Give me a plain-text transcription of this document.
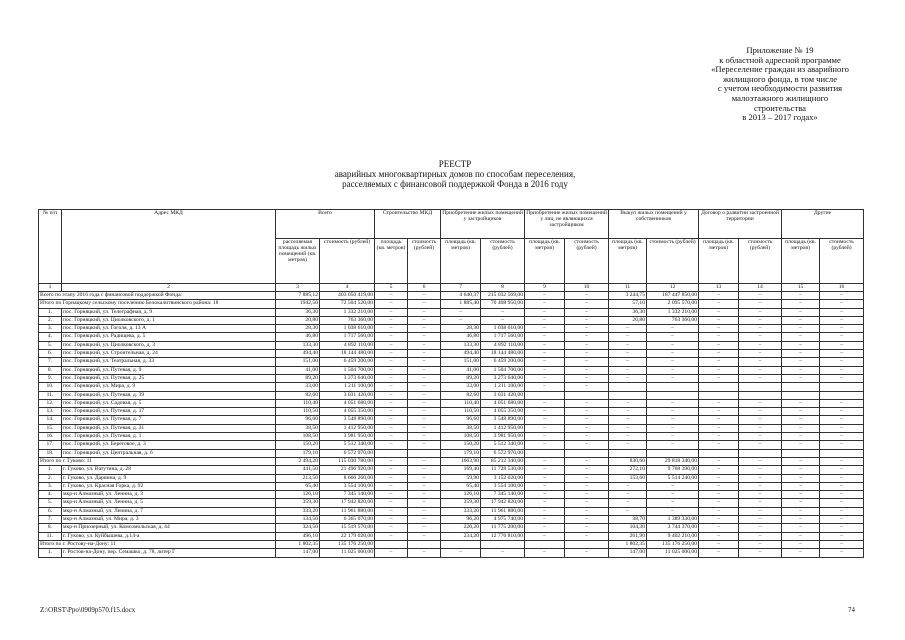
Приложение № 19
к областной адресной программе
«Переселение граждан из аварийного
жилищного фонда, в том числе
с учетом необходимости развития
малоэтажного жилищного
строительства
в 2013 – 2017 годах»
РЕЕСТР
аварийных многоквартирных домов по способам переселения,
расселяемых с финансовой поддержкой Фонда в 2016 году
№ п/п	Адрес МКД	Всего		Строительство МКД		Приобретение жилых помещений у застройщиков		Приобретение жилых помещений у лиц, не являющихся застройщиком		Выкуп жилых помещений у собственников		Договор о развитии застроенной территории		Другие	
		расселяемая площадь жилых помещений (кв. метров)	стоимость (рублей)	площадь (кв. метров)	стоимость (рублей)	площадь (кв. метров)	стоимость (рублей)	площадь (кв. метров)	стоимость (рублей)	площадь (кв. метров)	стоимость (рублей)	площадь (кв. метров)	стоимость (рублей)	площадь (кв. метров)	стоимость (рублей)
1	2	3	4	5	6	7	8	9	10	11	12	13	14	15	16
Всего по этапу 2016 года с финансовой поддержкой Фонда:		7 885,12	403 050 419,00	–	–	4 640,37	215 032 569,00	–	–	3 244,75	187 447 850,00	–	–	–	–
Итого по Горнацкому сельскому поселению Белокалитвинского района: 18		1942,50	72 504 520,00	–	–	1 885,40	70 408 950,00	–	–	57,10	2 095 570,00	–	–	–	–
1.	пос. Горняцкий, ул. Телеграфная, д. 9	36,30	1 332 210,00	–	–	–	–	–	–	36,30	1 332 210,00	–	–	–	–
2.	пос. Горняцкий, ул. Циолковского, д. 1	20,80	763 360,00	–	–	–	–	–	–	20,80	763 360,00	–	–	–	–
3.	пос. Горняцкий, ул. Гоголя, д. 13 А	28,30	1 038 610,00	–	–	28,30	1 038 610,00	–	–	–	–	–	–	–	–
4.	пос. Горняцкий, ул. Радищева, д. 5	46,80	1 717 560,00	–	–	46,80	1 717 560,00	–	–	–	–	–	–	–	–
5.	пос. Горняцкий, ул. Циолковского, д. 3	133,30	4 892 110,00	–	–	133,30	4 892 110,00	–	–	–	–	–	–	–	–
6.	пос. Горняцкий, ул. Строительная, д. 24	494,40	18 144 480,00	–	–	494,40	18 144 480,00	–	–	–	–	–	–	–	–
7.	пос. Горняцкий, ул. Театральная, д. 33	151,00	6 459 200,00	–	–	151,00	6 459 200,00	–	–	–	–	–	–	–	–
8.	пос. Горняцкий, ул. Путевая, д. 9	41,00	1 504 700,00	–	–	41,00	1 504 700,00	–	–	–	–	–	–	–	–
9.	пос. Горняцкий, ул. Путевая, д. 25	89,20	3 273 640,00	–	–	89,20	3 273 640,00	–	–	–	–	–	–	–	–
10.	пос. Горняцкий, ул. Мира, д. 9	33,00	1 211 100,00	–	–	33,00	1 211 100,00	–	–						
11.	пос. Горняцкий, ул. Путевая, д. 39	82,60	3 031 420,00	–	–	82,60	3 031 420,00								
12.	пос. Горняцкий, ул. Садовая, д. 5	110,40	4 051 680,00	–	–	110,40	4 051 680,00	–	–	–	–	–	–	–	–
13.	пос. Горняцкий, ул. Путевая, д. 17	110,50	4 055 350,00	–	–	110,50	4 055 350,00	–	–	–	–	–	–	–	–
14.	пос. Горняцкий, ул. Путевая, д. 7	96,60	3 548 890,00	–	–	96,60	3 548 890,00	–	–	–	–	–	–	–	–
15.	пос. Горняцкий, ул. Путевая, д. 31	38,50	1 412 950,00	–	–	38,50	1 412 950,00	–	–	–	–	–	–	–	–
16.	пос. Горняцкий, ул. Путевая, д. 1	108,50	3 981 950,00	–	–	108,50	3 981 950,00	–	–	–	–	–	–	–	–
17.	пос. Горняцкий, ул. Береговое, д. 3	150,20	5 512 340,00	–	–	150,20	5 512 340,00	–	–	–	–	–	–	–	–
18.	пос. Горняцкий, ул. Центральная, д. 6	179,10	6 572 970,00			179,10	6 572 970,00								
Итого по г. Гуково: 11		2 494,20	115 030 780,00	–	–	1663,90	85 212 340,00	–	–	830,60	29 818 340,00	–	–	–	–
1.	г. Гуково, ул. Ватутина, д. 28	441,50	21 496 920,00	–	–	169,40	11 728 530,00	–	–	272,10	9 768 390,00	–	–	–	–
2.	г. Гуково, ул. Дарвина, д. 9	213,50	8 666 260,00	–	–	59,90	3 152 020,00	–	–	153,60	5 514 240,00	–	–	–	–
3.	г. Гуково, ул. Красная Горка, д. 92	65,40	3 554 100,00	–	–	65,40	3 554 100,00	–	–	–	–	–	–	–	–
4.	мкр-н Алмазный, ул. Ленина, д. 3	126,10	7 345 140,00	–	–	126,10	7 345 140,00	–	–	–	–	–	–	–	–
5.	мкр-н Алмазный, ул. Ленина, д. 5	359,30	17 942 820,00	–	–	359,30	17 942 820,00	–	–	–	–	–	–	–	–
6.	мкр-н Алмазный, ул. Ленина, д. 7	333,20	11 961 880,00	–	–	333,20	11 961 880,00	–	–	–	–	–	–	–	–
7.	мкр-н Алмазный, ул. Мира, д. 3	134,50	6 365 070,00	–	–	96,20	4 975 740,00	–	–	38,70	1 389 330,00	–	–	–	–
8.	мкр-н Приозерный, ул. Комсомольская, д. 44	324,50	15 519 570,00	–	–	220,20	11 775 200,00	–	–	104,30	3 744 370,00	–	–	–	–
11.	г. Гуково, ул. Куйбышева, д.14-а	496,10	22 179 020,00	–	–	234,20	12 776 810,00	–	–	261,90	9 402 210,00	–	–	–	–
Итого по г. Ростову-на-Дону: 11		1 802,35	135 176 250,00							1 802,35	135 176 250,00	–	–	–	–
1.	г. Ростов-на-Дону, пер. Семашко, д. 78, литер Г	147,00	11 025 000,00	–	–	–	–	–	–	147,00	11 025 000,00	–	–	–	–
Z:\ORST\Ppo\0909p570.f15.docx	74
